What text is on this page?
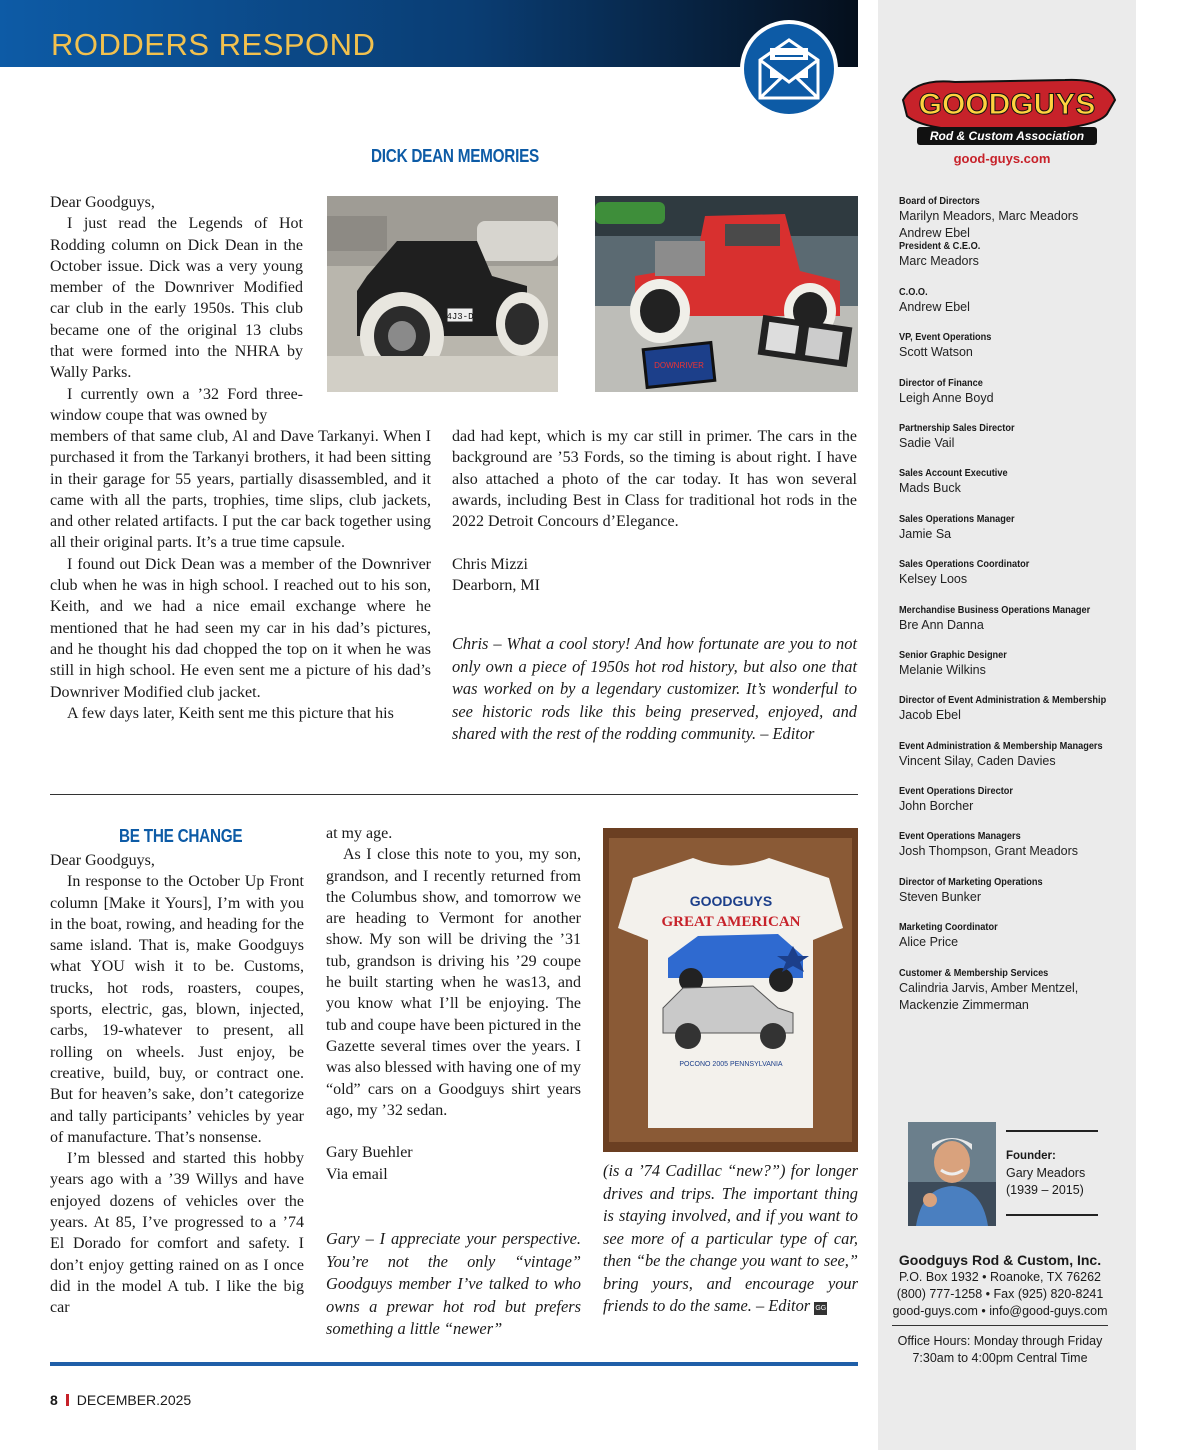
RODDERS RESPOND
GOODGUYS
Rod & Custom Association
good-guys.com
Board of Directors
Marilyn Meadors, Marc Meadors
Andrew Ebel
President & C.E.O.
Marc Meadors
C.O.O.
Andrew Ebel
VP, Event Operations
Scott Watson
Director of Finance
Leigh Anne Boyd
Partnership Sales Director
Sadie Vail
Sales Account Executive
Mads Buck
Sales Operations Manager
Jamie Sa
Sales Operations Coordinator
Kelsey Loos
Merchandise Business Operations Manager
Bre Ann Danna
Senior Graphic Designer
Melanie Wilkins
Director of Event Administration & Membership
Jacob Ebel
Event Administration & Membership Managers
Vincent Silay, Caden Davies
Event Operations Director
John Borcher
Event Operations Managers
Josh Thompson, Grant Meadors
Director of Marketing Operations
Steven Bunker
Marketing Coordinator
Alice Price
Customer & Membership Services
Calindria Jarvis, Amber Mentzel,
Mackenzie Zimmerman
Founder:
Gary Meadors
(1939 – 2015)
Goodguys Rod & Custom, Inc.
P.O. Box 1932 • Roanoke, TX 76262
(800) 777-1258 • Fax (925) 820-8241
good-guys.com • info@good-guys.com
Office Hours: Monday through Friday
7:30am to 4:00pm Central Time
DICK DEAN MEMORIES

Dear Goodguys,

I just read the Legends of Hot Rodding column on Dick Dean in the October issue. Dick was a very young member of the Downriver Modified car club in the early 1950s. This club became one of the original 13 clubs that were formed into the NHRA by Wally Parks.

I currently own a ’32 Ford three-window coupe that was owned by

4J3-D
DOWNRIVER

members of that same club, Al and Dave Tarkanyi. When I purchased it from the Tarkanyi brothers, it had been sitting in their garage for 55 years, partially disassembled, and it came with all the parts, trophies, time slips, club jackets, and other related artifacts. I put the car back together using all their original parts. It’s a true time capsule.

I found out Dick Dean was a member of the Downriver club when he was in high school. I reached out to his son, Keith, and we had a nice email exchange where he mentioned that he had seen my car in his dad’s pictures, and he thought his dad chopped the top on it when he was still in high school. He even sent me a picture of his dad’s Downriver Modified club jacket.

A few days later, Keith sent me this picture that his

dad had kept, which is my car still in primer. The cars in the background are ’53 Fords, so the timing is about right. I have also attached a photo of the car today. It has won several awards, including Best in Class for traditional hot rods in the 2022 Detroit Concours d’Elegance.

Chris Mizzi

Dearborn, MI

Chris – What a cool story! And how fortunate are you to not only own a piece of 1950s hot rod history, but also one that was worked on by a legendary customizer. It’s wonderful to see historic rods like this being preserved, enjoyed, and shared with the rest of the rodding community. – Editor

BE THE CHANGE

Dear Goodguys,

In response to the October Up Front column [Make it Yours], I’m with you in the boat, rowing, and heading for the same island. That is, make Goodguys what YOU wish it to be. Customs, trucks, hot rods, roasters, coupes, sports, electric, gas, blown, injected, carbs, 19-whatever to present, all rolling on wheels. Just enjoy, be creative, build, buy, or contract one. But for heaven’s sake, don’t categorize and tally participants’ vehicles by year of manufacture. That’s nonsense.

I’m blessed and started this hobby years ago with a ’39 Willys and have enjoyed dozens of vehicles over the years. At 85, I’ve progressed to a ’74 El Dorado for comfort and safety. I don’t enjoy getting rained on as I once did in the model A tub. I like the big car

at my age.

As I close this note to you, my son, grandson, and I recently returned from the Columbus show, and tomorrow we are heading to Vermont for another show. My son will be driving the ’31 tub, grandson is driving his ’29 coupe he built starting when he was13, and you know what I’ll be enjoying. The tub and coupe have been pictured in the Gazette several times over the years. I was also blessed with having one of my “old” cars on a Goodguys shirt years ago, my ’32 sedan.

Gary Buehler

Via email

Gary – I appreciate your perspective. You’re not the only “vintage” Goodguys member I’ve talked to who owns a prewar hot rod but prefers something a little “newer”

GOODGUYS
GREAT AMERICAN
POCONO 2005 PENNSYLVANIA

(is a ’74 Cadillac “new?”) for longer drives and trips. The important thing is staying involved, and if you want to see more of a particular type of car, then “be the change you want to see,” bring yours, and encourage your friends to do the same. – Editor GG

8 DECEMBER.2025
